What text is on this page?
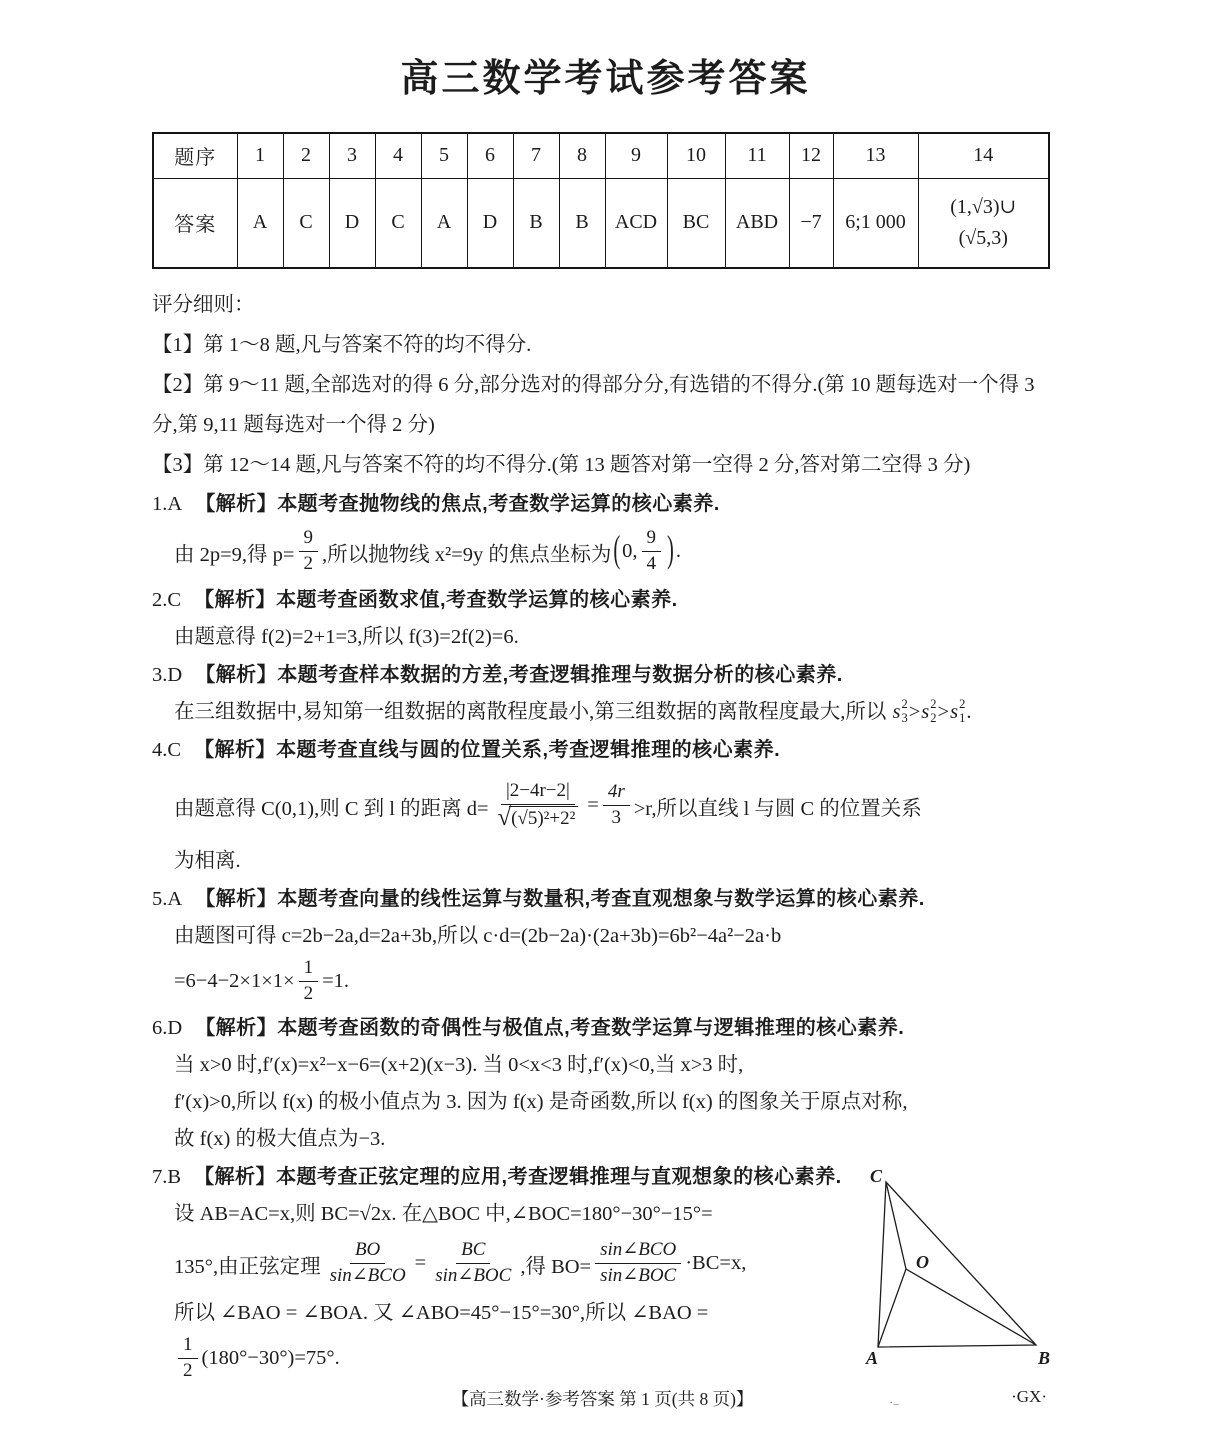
高三数学考试参考答案
题序	1	2	3	4	5	6	7	8	9	10	11	12	13	14
答案	A	C	D	C	A	D	B	B	ACD	BC	ABD	−7	6;1 000	(1,√3)∪
(√5,3)

评分细则：

【1】第 1～8 题,凡与答案不符的均不得分.

【2】第 9～11 题,全部选对的得 6 分,部分选对的得部分分,有选错的不得分.(第 10 题每选对一个得 3 分,第 9,11 题每选对一个得 2 分)

【3】第 12～14 题,凡与答案不符的均不得分.(第 13 题答对第一空得 2 分,答对第二空得 3 分)

1.A 【解析】本题考查抛物线的焦点,考查数学运算的核心素养.

由 2p=9,得 $p= \frac{9}{2}$ ,所以抛物线 x²=9y 的焦点坐标为 ( 0, $\frac{9}{4}$ ) .

2.C 【解析】本题考查函数求值,考查数学运算的核心素养.

由题意得 f(2)=2+1=3,所以 f(3)=2f(2)=6.

3.D 【解析】本题考查样本数据的方差,考查逻辑推理与数据分析的核心素养.

在三组数据中,易知第一组数据的离散程度最小,第三组数据的离散程度最大,所以 s 2
3 > s 2
2 > s 2
1 .

4.C 【解析】本题考查直线与圆的位置关系,考查逻辑推理的核心素养.

由题意得 C(0,1),则 C 到 l 的距离 d= |2−4r−2|
√ $(√5)^2+2^2 = \frac{4r}{3} >r$,所以直线 l 与圆 C 的位置关系

为相离.

5.A 【解析】本题考查向量的线性运算与数量积,考查直观想象与数学运算的核心素养.

由题图可得 c=2b−2a,d=2a+3b,所以 c·d=(2b−2a)·(2a+3b)=6b²−4a²−2a·b

$=6-4-2\times 1\times 1\times \frac{1}{2} =1$.

6.D 【解析】本题考查函数的奇偶性与极值点,考查数学运算与逻辑推理的核心素养.

当 x>0 时,f′(x)=x²−x−6=(x+2)(x−3). 当 0<x<3 时,f′(x)<0,当 x>3 时,

f′(x)>0,所以 f(x) 的极小值点为 3. 因为 f(x) 是奇函数,所以 f(x) 的图象关于原点对称,

故 f(x) 的极大值点为−3.

7.B 【解析】本题考查正弦定理的应用,考查逻辑推理与直观想象的核心素养.

设 AB=AC=x,则 BC=√2x. 在△BOC 中,∠BOC=180°−30°−15°=

135°,由正弦定理 $\frac{BO}{\text{sin∠BCO}} = \frac{BC}{\text{sin∠BOC}}$ ,得 $BO= \frac{\text{sin∠BCO}}{\text{sin∠BOC}} \cdot BC=x$,

所以 ∠BAO = ∠BOA. 又 ∠ABO=45°−15°=30°,所以 ∠BAO =

$\frac{1}{2} (180^\circ-30^\circ)=75^\circ$.	A	B
C
O
【高三数学·参考答案 第 1 页(共 8 页)】	._	·GX·
